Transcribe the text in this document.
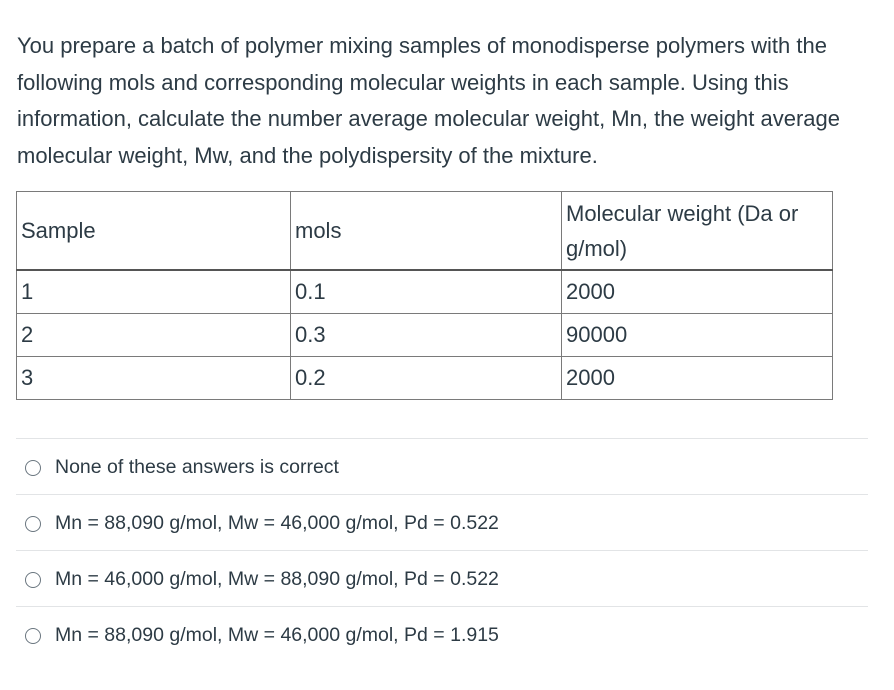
You prepare a batch of polymer mixing samples of monodisperse polymers with the following mols and corresponding molecular weights in each sample. Using this information, calculate the number average molecular weight, Mn, the weight average molecular weight, Mw, and the polydispersity of the mixture.

Sample	mols	Molecular weight (Da or g/mol)
1	0.1	2000
2	0.3	90000
3	0.2	2000
None of these answers is correct
Mn = 88,090 g/mol, Mw = 46,000 g/mol, Pd = 0.522
Mn = 46,000 g/mol, Mw = 88,090 g/mol, Pd = 0.522
Mn = 88,090 g/mol, Mw = 46,000 g/mol, Pd = 1.915
